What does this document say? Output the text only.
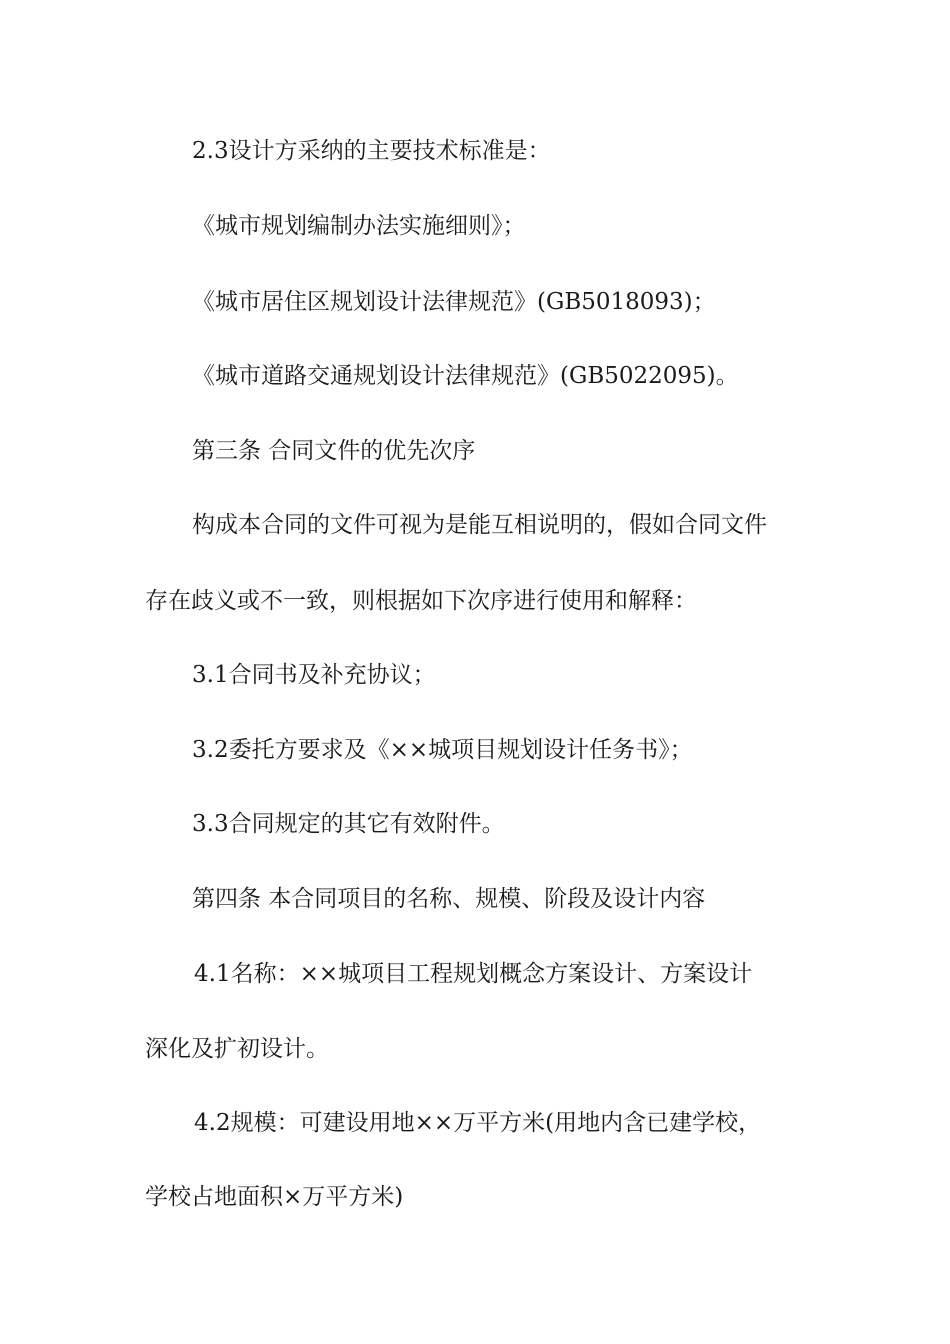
2.3设计方采纳的主要技术标准是：
《城市规划编制办法实施细则》；
《城市居住区规划设计法律规范》(GB5018093)；
《城市道路交通规划设计法律规范》(GB5022095)。
第三条 合同文件的优先次序
构成本合同的文件可视为是能互相说明的，假如合同文件
存在歧义或不一致，则根据如下次序进行使用和解释：
3.1合同书及补充协议；
3.2委托方要求及《××城项目规划设计任务书》；
3.3合同规定的其它有效附件。
第四条 本合同项目的名称、规模、阶段及设计内容
4.1名称：××城项目工程规划概念方案设计、方案设计
深化及扩初设计。
4.2规模：可建设用地××万平方米(用地内含已建学校，
学校占地面积×万平方米)
